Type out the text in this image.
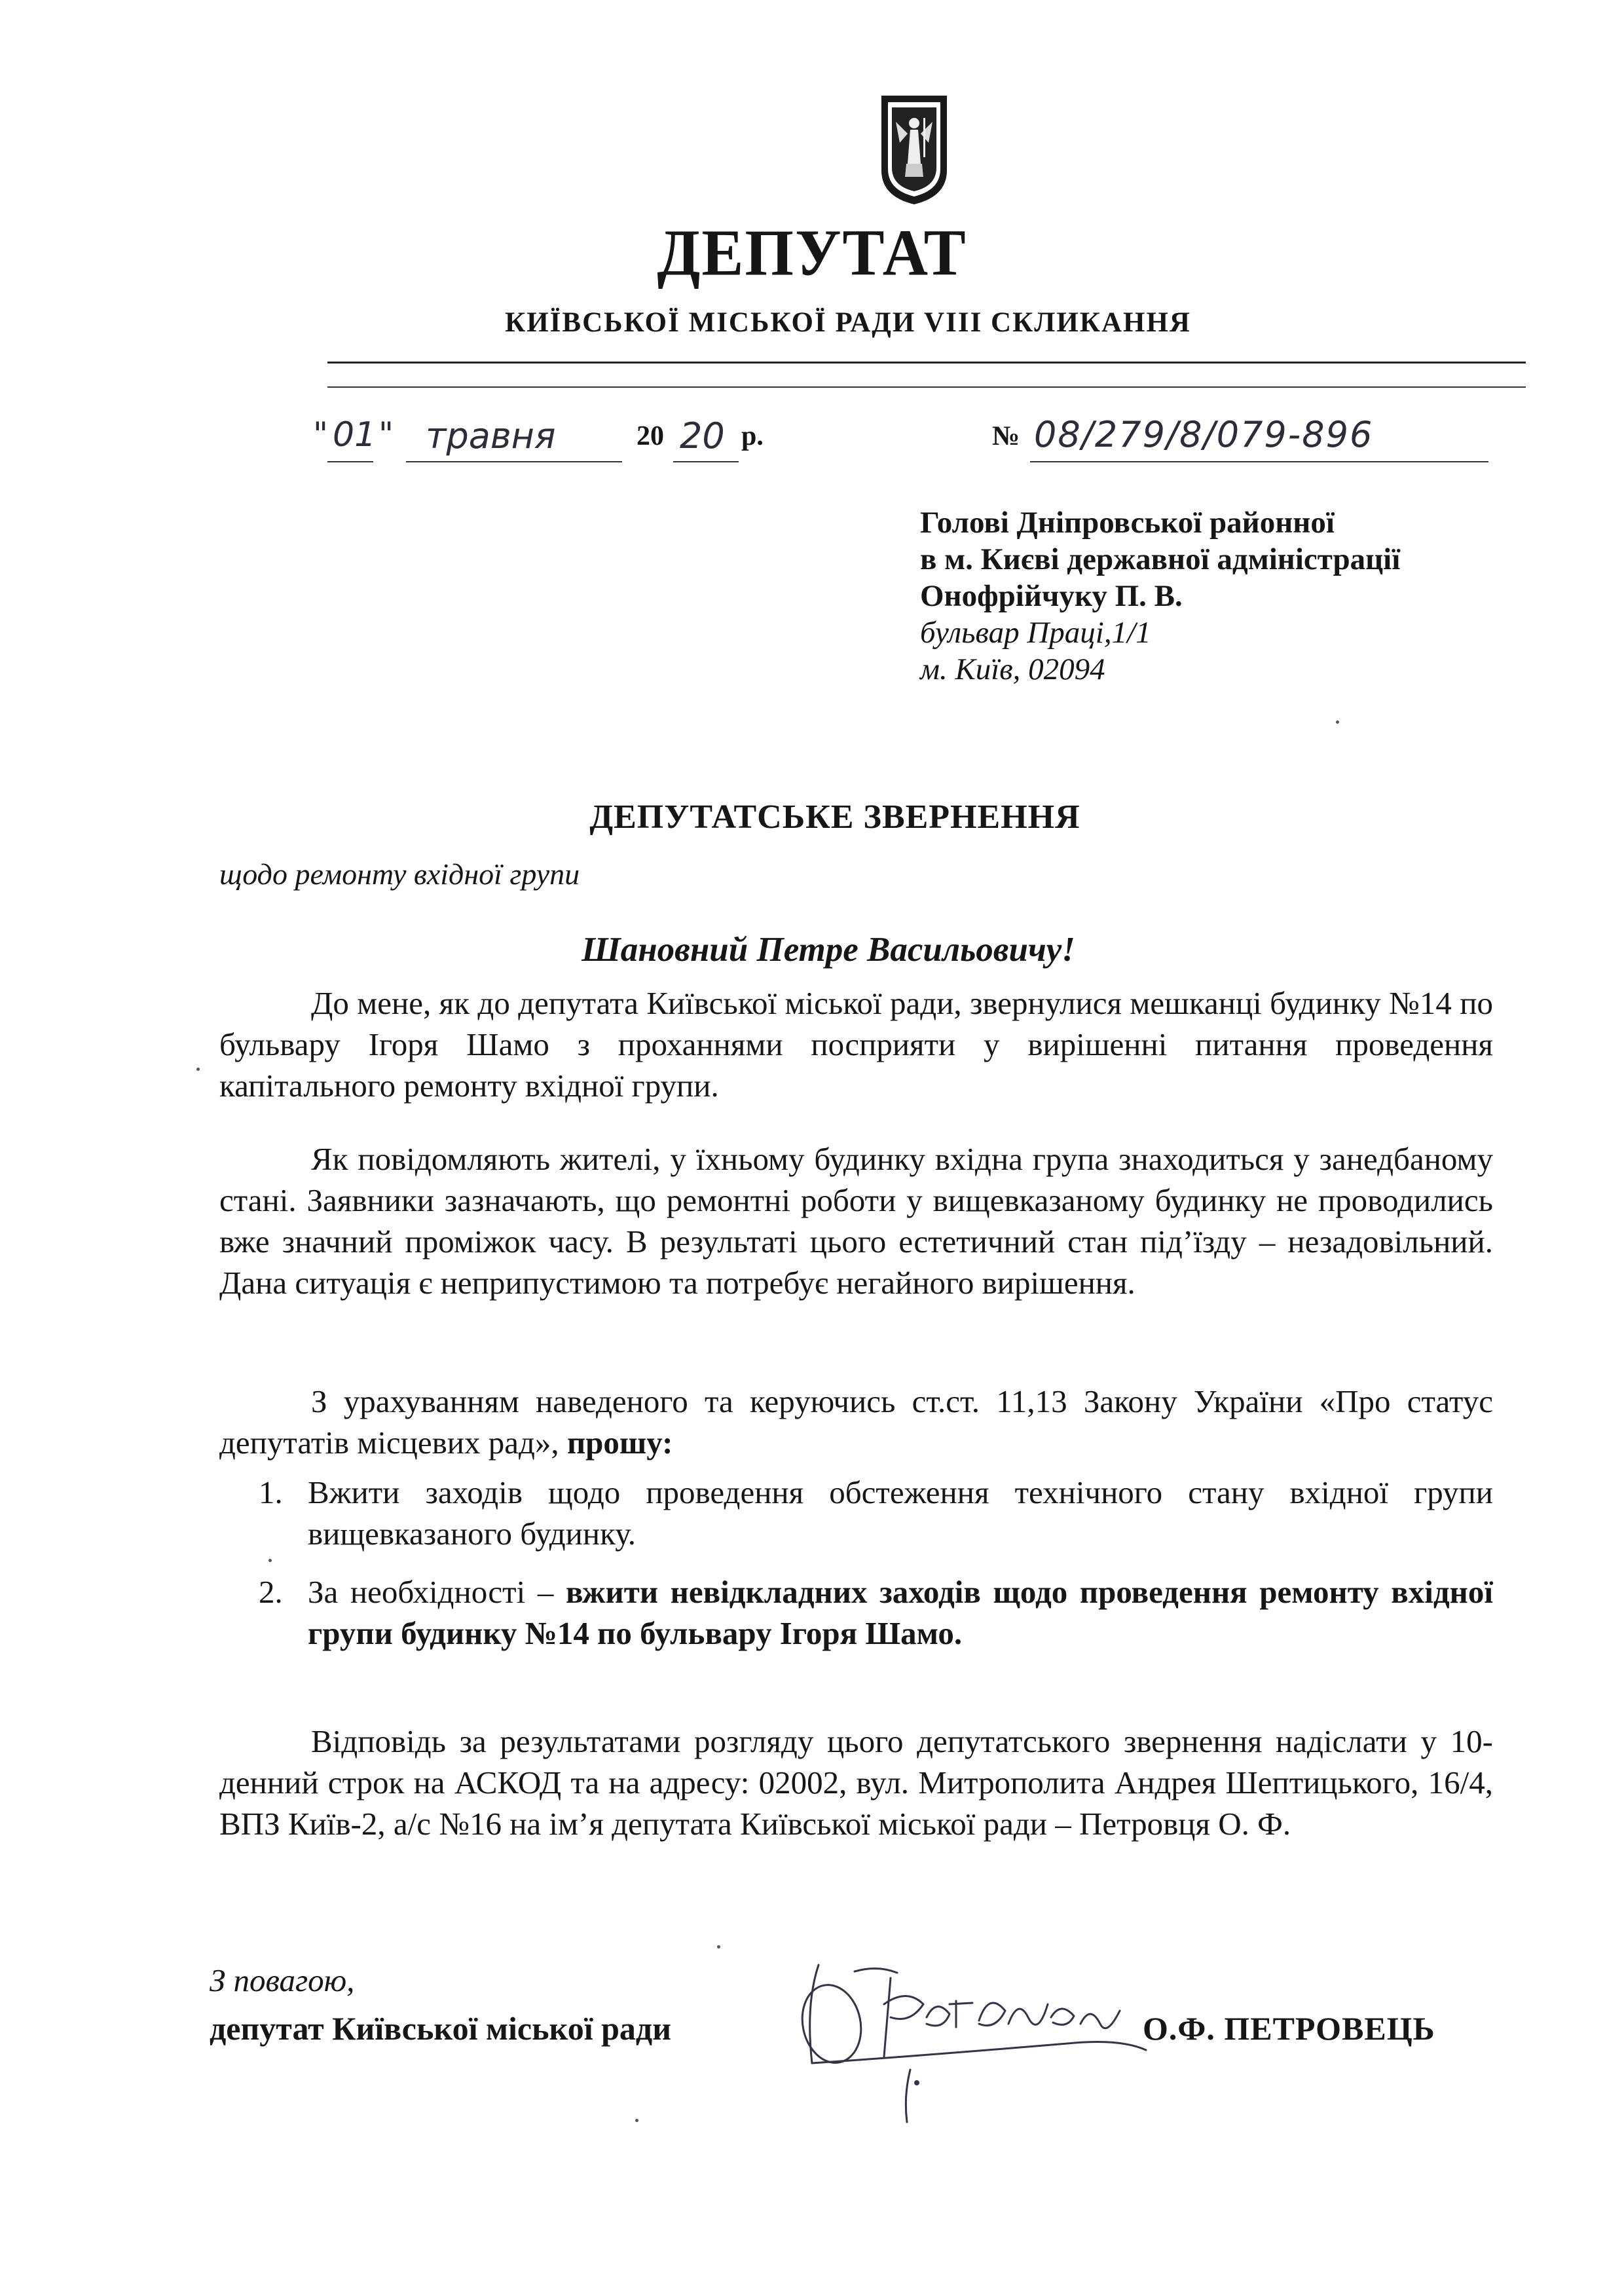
ДЕПУТАТ
КИЇВСЬКОЇ МІСЬКОЇ РАДИ VIII СКЛИКАННЯ
" 01 " травня	20 20 р.	№ 08/279/8/079-896
Голові Дніпровської районної
в м. Києві державної адміністрації
Онофрійчуку П. В.
бульвар Праці,1/1
м. Київ, 02094
ДЕПУТАТСЬКЕ ЗВЕРНЕННЯ
щодо ремонту вхідної групи
Шановний Петре Васильовичу!

До мене, як до депутата Київської міської ради, звернулися мешканці будинку №14 по бульвару Ігоря Шамо з проханнями посприяти у вирішенні питання проведення капітального ремонту вхідної групи.

Як повідомляють жителі, у їхньому будинку вхідна група знаходиться у занедбаному стані. Заявники зазначають, що ремонтні роботи у вищевказаному будинку не проводились вже значний проміжок часу. В результаті цього естетичний стан під’їзду – незадовільний. Дана ситуація є неприпустимою та потребує негайного вирішення.

З урахуванням наведеного та керуючись ст.ст. 11,13 Закону України «Про статус депутатів місцевих рад», прошу:

1. Вжити заходів щодо проведення обстеження технічного стану вхідної групи вищевказаного будинку.
2. За необхідності – вжити невідкладних заходів щодо проведення ремонту вхідної групи будинку №14 по бульвару Ігоря Шамо.

Відповідь за результатами розгляду цього депутатського звернення надіслати у 10-денний строк на АСКОД та на адресу: 02002, вул. Митрополита Андрея Шептицького, 16/4, ВПЗ Київ-2, а/с №16 на ім’я депутата Київської міської ради – Петровця О. Ф.

З повагою,
депутат Київської міської ради	О.Ф. ПЕТРОВЕЦЬ
